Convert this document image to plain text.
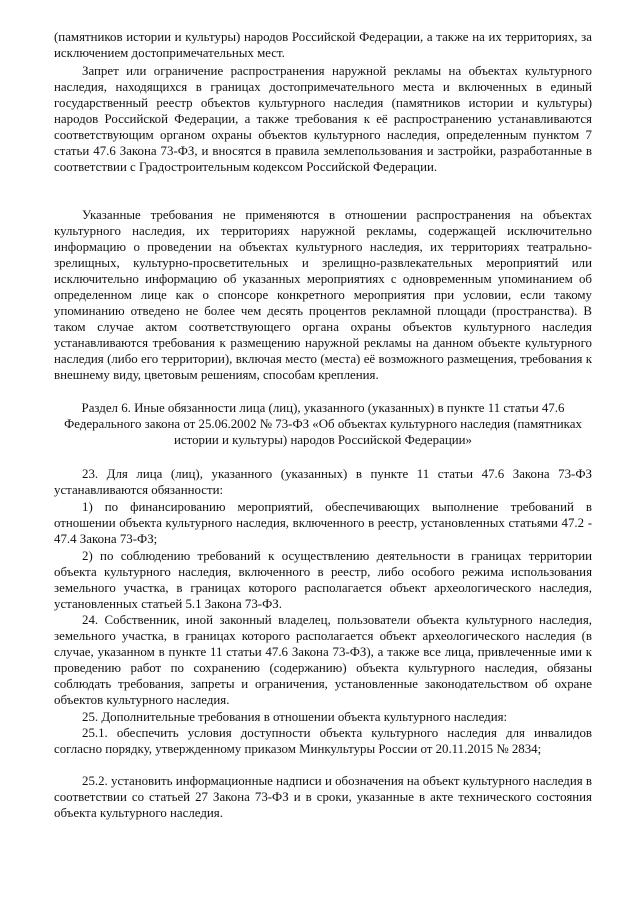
(памятников истории и культуры) народов Российской Федерации, а также на их территориях, за исключением достопримечательных мест.

Запрет или ограничение распространения наружной рекламы на объектах культурного наследия, находящихся в границах достопримечательного места и включенных в единый государственный реестр объектов культурного наследия (памятников истории и культуры) народов Российской Федерации, а также требования к её распространению устанавливаются соответствующим органом охраны объектов культурного наследия, определенным пунктом 7 статьи 47.6 Закона 73-ФЗ, и вносятся в правила землепользования и застройки, разработанные в соответствии с Градостроительным кодексом Российской Федерации.

Указанные требования не применяются в отношении распространения на объектах культурного наследия, их территориях наружной рекламы, содержащей исключительно информацию о проведении на объектах культурного наследия, их территориях театрально-зрелищных, культурно-просветительных и зрелищно-развлекательных мероприятий или исключительно информацию об указанных мероприятиях с одновременным упоминанием об определенном лице как о спонсоре конкретного мероприятия при условии, если такому упоминанию отведено не более чем десять процентов рекламной площади (пространства). В таком случае актом соответствующего органа охраны объектов культурного наследия устанавливаются требования к размещению наружной рекламы на данном объекте культурного наследия (либо его территории), включая место (места) её возможного размещения, требования к внешнему виду, цветовым решениям, способам крепления.

Раздел 6. Иные обязанности лица (лиц), указанного (указанных) в пункте 11 статьи 47.6 Федерального закона от 25.06.2002 № 73-ФЗ «Об объектах культурного наследия (памятниках истории и культуры) народов Российской Федерации»

23. Для лица (лиц), указанного (указанных) в пункте 11 статьи 47.6 Закона 73-ФЗ устанавливаются обязанности:

1) по финансированию мероприятий, обеспечивающих выполнение требований в отношении объекта культурного наследия, включенного в реестр, установленных статьями 47.2 - 47.4 Закона 73-ФЗ;

2) по соблюдению требований к осуществлению деятельности в границах территории объекта культурного наследия, включенного в реестр, либо особого режима использования земельного участка, в границах которого располагается объект археологического наследия, установленных статьей 5.1 Закона 73-ФЗ.

24. Собственник, иной законный владелец, пользователи объекта культурного наследия, земельного участка, в границах которого располагается объект археологического наследия (в случае, указанном в пункте 11 статьи 47.6 Закона 73-ФЗ), а также все лица, привлеченные ими к проведению работ по сохранению (содержанию) объекта культурного наследия, обязаны соблюдать требования, запреты и ограничения, установленные законодательством об охране объектов культурного наследия.

25. Дополнительные требования в отношении объекта культурного наследия:

25.1. обеспечить условия доступности объекта культурного наследия для инвалидов согласно порядку, утвержденному приказом Минкультуры России от 20.11.2015 № 2834;

25.2. установить информационные надписи и обозначения на объект культурного наследия в соответствии со статьей 27 Закона 73-ФЗ и в сроки, указанные в акте технического состояния объекта культурного наследия.
